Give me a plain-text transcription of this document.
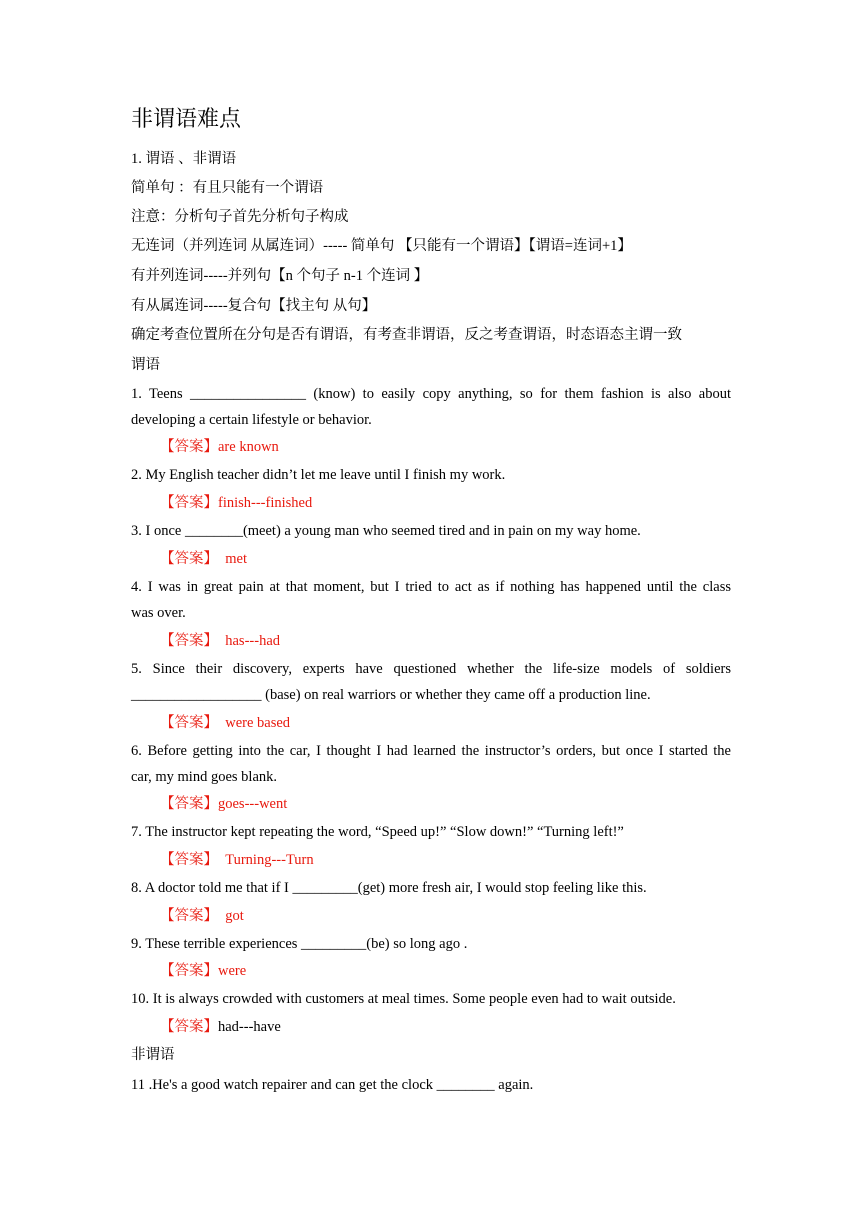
非谓语难点
1. 谓语 、非谓语
简单句 ：有且只能有一个谓语
注意：分析句子首先分析句子构成
无连词（并列连词 从属连词）----- 简单句 【只能有一个谓语】【谓语=连词+1】
有并列连词-----并列句【n 个句子 n-1 个连词 】
有从属连词-----复合句【找主句 从句】
确定考查位置所在分句是否有谓语，有考查非谓语，反之考查谓语，时态语态主谓一致
谓语
1. Teens ________________ (know) to easily copy anything, so for them fashion is also about
developing a certain lifestyle or behavior.
【答案】are known
2. My English teacher didn’t let me leave until I finish my work.
【答案】finish---finished
3. I once ________(meet) a young man who seemed tired and in pain on my way home.
【答案】  met
4. I was in great pain at that moment, but I tried to act as if nothing has happened until the class
was over.
【答案】  has---had
5. Since their discovery, experts have questioned whether the life-size models of soldiers
__________________ (base) on real warriors or whether they came off a production line.
【答案】  were based
6. Before getting into the car, I thought I had learned the instructor’s orders, but once I started the
car, my mind goes blank.
【答案】goes---went
7. The instructor kept repeating the word, “Speed up!” “Slow down!” “Turning left!”
【答案】  Turning---Turn
8. A doctor told me that if I _________(get) more fresh air, I would stop feeling like this.
【答案】  got
9. These terrible experiences _________(be) so long ago .
【答案】were
10. It is always crowded with customers at meal times. Some people even had to wait outside.
【答案】had---have
非谓语
11 .He's a good watch repairer and can get the clock ________ again.
